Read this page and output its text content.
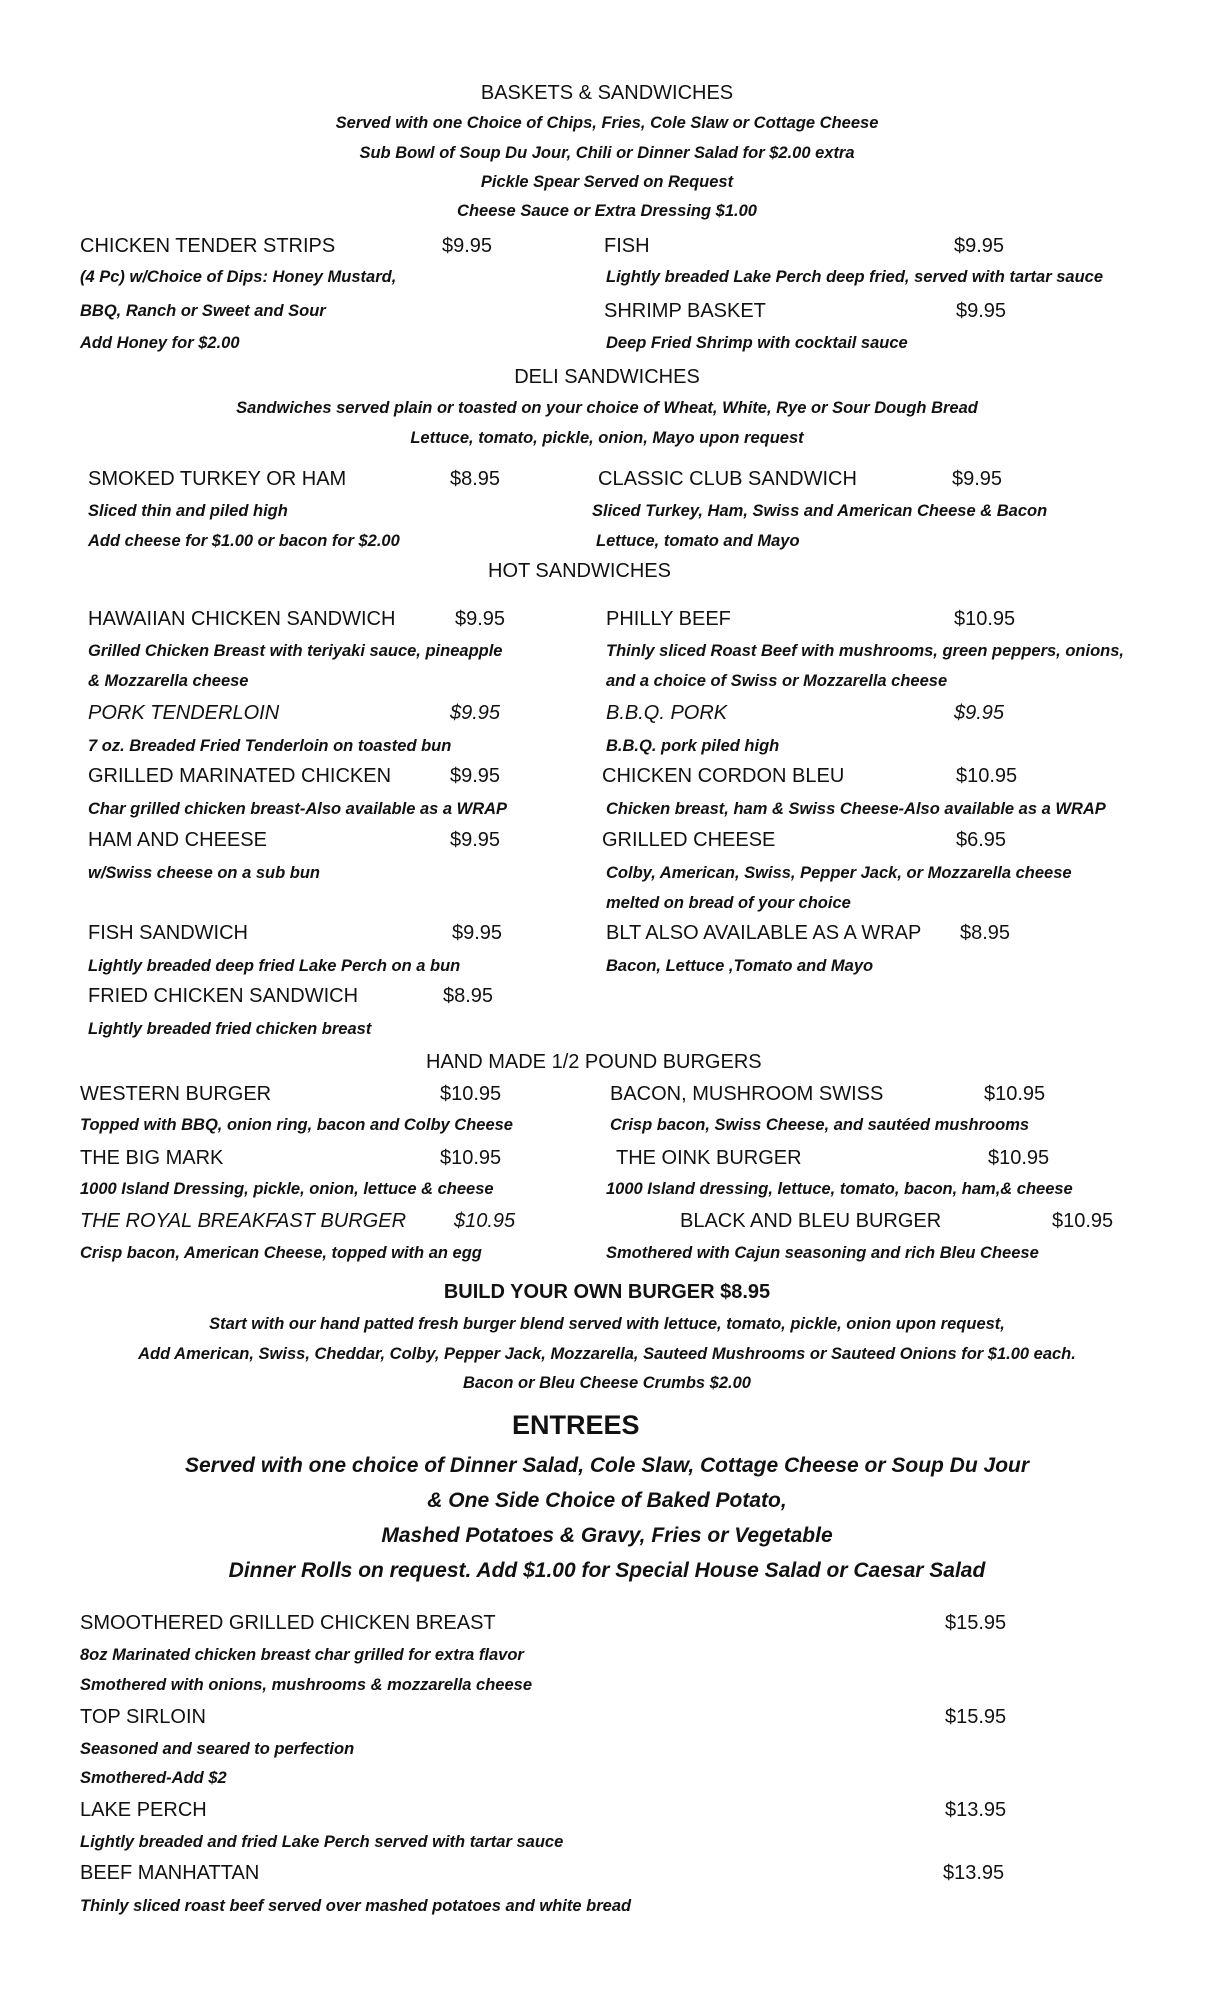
BASKETS & SANDWICHES
Served with one Choice of Chips, Fries, Cole Slaw or Cottage Cheese
Sub Bowl of Soup Du Jour, Chili or Dinner Salad for $2.00 extra
Pickle Spear Served on Request
Cheese Sauce or Extra Dressing $1.00
CHICKEN TENDER STRIPS	$9.95
(4 Pc) w/Choice of Dips: Honey Mustard,
BBQ, Ranch or Sweet and Sour
Add Honey for $2.00
FISH	$9.95
Lightly breaded Lake Perch deep fried, served with tartar sauce
SHRIMP BASKET	$9.95
Deep Fried Shrimp with cocktail sauce
DELI SANDWICHES
Sandwiches served plain or toasted on your choice of Wheat, White, Rye or Sour Dough Bread
Lettuce, tomato, pickle, onion, Mayo upon request
SMOKED TURKEY OR HAM	$8.95
Sliced thin and piled high
Add cheese for $1.00 or bacon for $2.00
CLASSIC CLUB SANDWICH	$9.95
Sliced Turkey, Ham, Swiss and American Cheese & Bacon
Lettuce, tomato and Mayo
HOT SANDWICHES
HAWAIIAN CHICKEN SANDWICH	$9.95
Grilled Chicken Breast with teriyaki sauce, pineapple
& Mozzarella cheese
PHILLY BEEF	$10.95
Thinly sliced Roast Beef with mushrooms, green peppers, onions,
and a choice of Swiss or Mozzarella cheese
PORK TENDERLOIN	$9.95
7 oz. Breaded Fried Tenderloin on toasted bun
B.B.Q. PORK	$9.95
B.B.Q. pork piled high
GRILLED MARINATED CHICKEN	$9.95
Char grilled chicken breast-Also available as a WRAP
CHICKEN CORDON BLEU	$10.95
Chicken breast, ham & Swiss Cheese-Also available as a WRAP
HAM AND CHEESE	$9.95
w/Swiss cheese on a sub bun
GRILLED CHEESE	$6.95
Colby, American, Swiss, Pepper Jack, or Mozzarella cheese
melted on bread of your choice
FISH SANDWICH	$9.95
Lightly breaded deep fried Lake Perch on a bun
BLT ALSO AVAILABLE AS A WRAP $8.95
Bacon, Lettuce ,Tomato and Mayo
FRIED CHICKEN SANDWICH	$8.95
Lightly breaded fried chicken breast
HAND MADE 1/2 POUND BURGERS
WESTERN BURGER	$10.95
Topped with BBQ, onion ring, bacon and Colby Cheese
BACON, MUSHROOM SWISS	$10.95
Crisp bacon, Swiss Cheese, and sautéed mushrooms
THE BIG MARK	$10.95
1000 Island Dressing, pickle, onion, lettuce & cheese
THE OINK BURGER	$10.95
1000 Island dressing, lettuce, tomato, bacon, ham,& cheese
THE ROYAL BREAKFAST BURGER $10.95
Crisp bacon, American Cheese, topped with an egg
BLACK AND BLEU BURGER	$10.95
Smothered with Cajun seasoning and rich Bleu Cheese
BUILD YOUR OWN BURGER $8.95
Start with our hand patted fresh burger blend served with lettuce, tomato, pickle, onion upon request,
Add American, Swiss, Cheddar, Colby, Pepper Jack, Mozzarella, Sauteed Mushrooms or Sauteed Onions for $1.00 each.
Bacon or Bleu Cheese Crumbs $2.00
ENTREES
Served with one choice of Dinner Salad, Cole Slaw, Cottage Cheese or Soup Du Jour
& One Side Choice of Baked Potato,
Mashed Potatoes & Gravy, Fries or Vegetable
Dinner Rolls on request. Add $1.00 for Special House Salad or Caesar Salad
SMOOTHERED GRILLED CHICKEN BREAST	$15.95
8oz Marinated chicken breast char grilled for extra flavor
Smothered with onions, mushrooms & mozzarella cheese
TOP SIRLOIN	$15.95
Seasoned and seared to perfection
Smothered-Add $2
LAKE PERCH	$13.95
Lightly breaded and fried Lake Perch served with tartar sauce
BEEF MANHATTAN	$13.95
Thinly sliced roast beef served over mashed potatoes and white bread
